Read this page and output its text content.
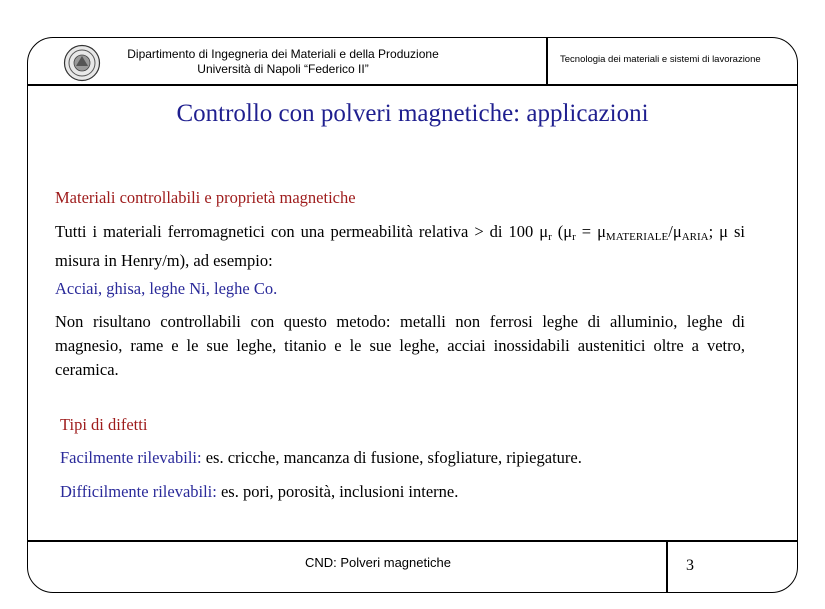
Dipartimento di Ingegneria dei Materiali e della Produzione
Università di Napoli “Federico II”
Tecnologia dei materiali e sistemi di lavorazione
Controllo con polveri magnetiche: applicazioni
Materiali controllabili e proprietà magnetiche
Tutti i materiali ferromagnetici con una permeabilità relativa > di 100 $\mu_r$ ($\mu_r = \mu_{MATERIALE}/\mu_{ARIA}$; μ si misura in Henry/m), ad esempio:
Acciai, ghisa, leghe Ni, leghe Co.
Non risultano controllabili con questo metodo: metalli non ferrosi leghe di alluminio, leghe di magnesio, rame e le sue leghe, titanio e le sue leghe, acciai inossidabili austenitici oltre a vetro, ceramica.
Tipi di difetti
Facilmente rilevabili: es. cricche, mancanza di fusione, sfogliature, ripiegature.
Difficilmente rilevabili: es. pori, porosità, inclusioni interne.
CND: Polveri magnetiche	3
